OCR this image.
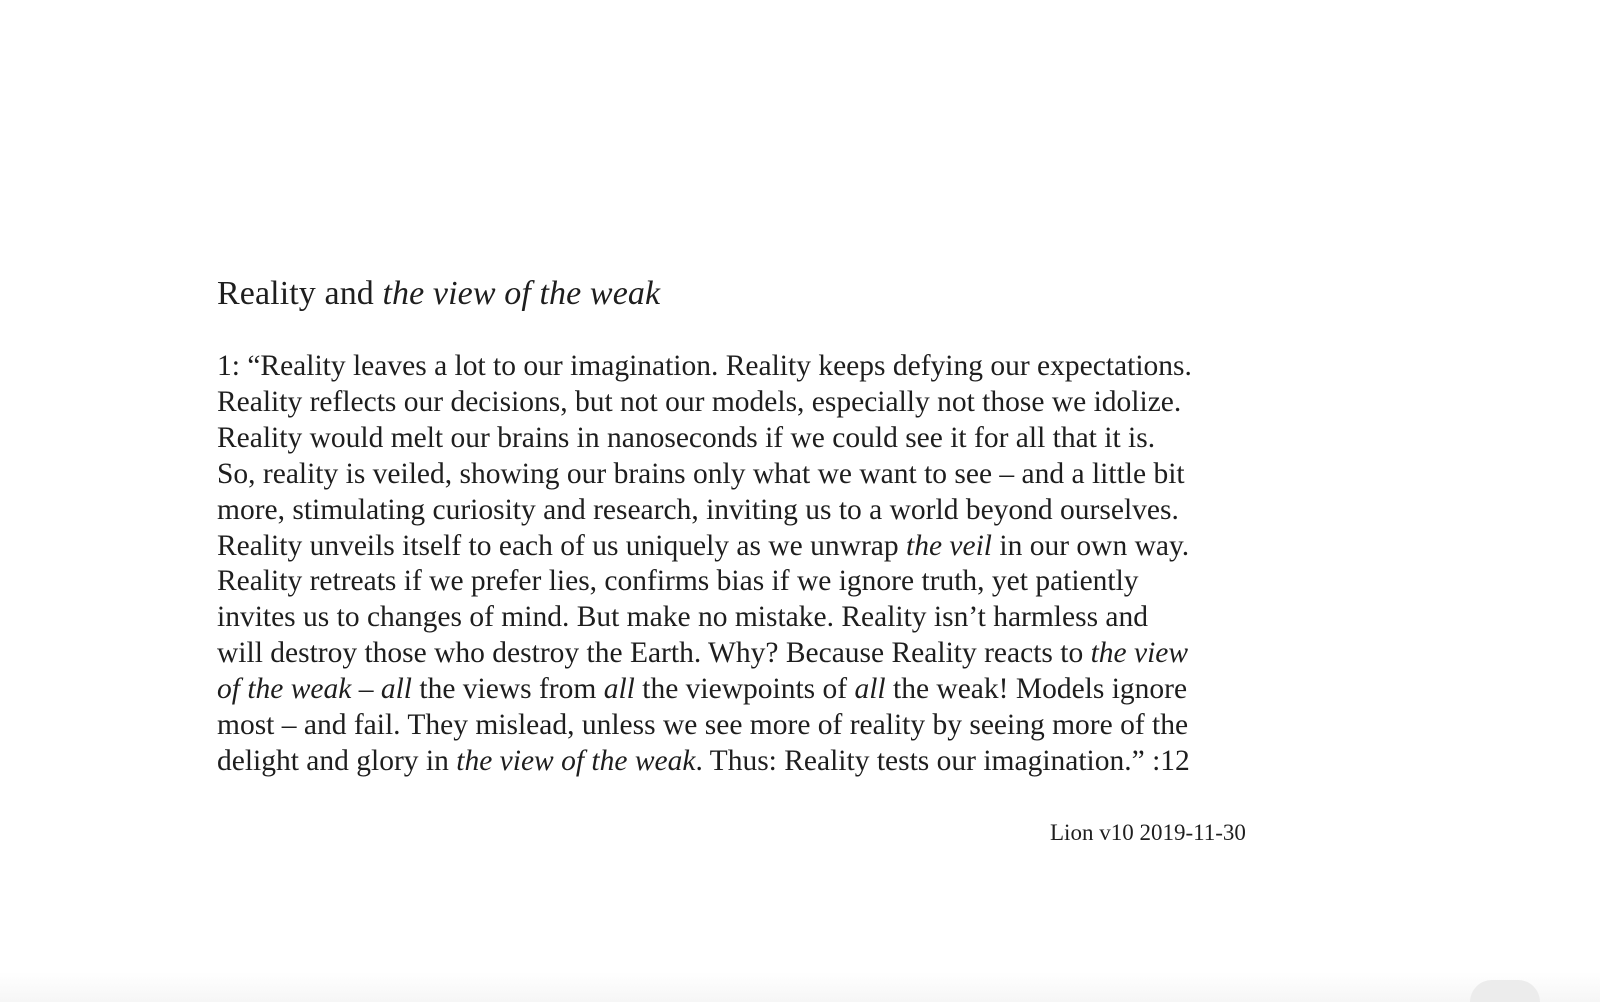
Reality and the view of the weak
1: “Reality leaves a lot to our imagination. Reality keeps defying our expectations.
Reality reflects our decisions, but not our models, especially not those we idolize.
Reality would melt our brains in nanoseconds if we could see it for all that it is.
So, reality is veiled, showing our brains only what we want to see – and a little bit
more, stimulating curiosity and research, inviting us to a world beyond ourselves.
Reality unveils itself to each of us uniquely as we unwrap the veil in our own way.
Reality retreats if we prefer lies, confirms bias if we ignore truth, yet patiently
invites us to changes of mind. But make no mistake. Reality isn’t harmless and
will destroy those who destroy the Earth. Why? Because Reality reacts to the view
of the weak – all the views from all the viewpoints of all the weak! Models ignore
most – and fail. They mislead, unless we see more of reality by seeing more of the
delight and glory in the view of the weak. Thus: Reality tests our imagination.” :12
Lion v10 2019-11-30
